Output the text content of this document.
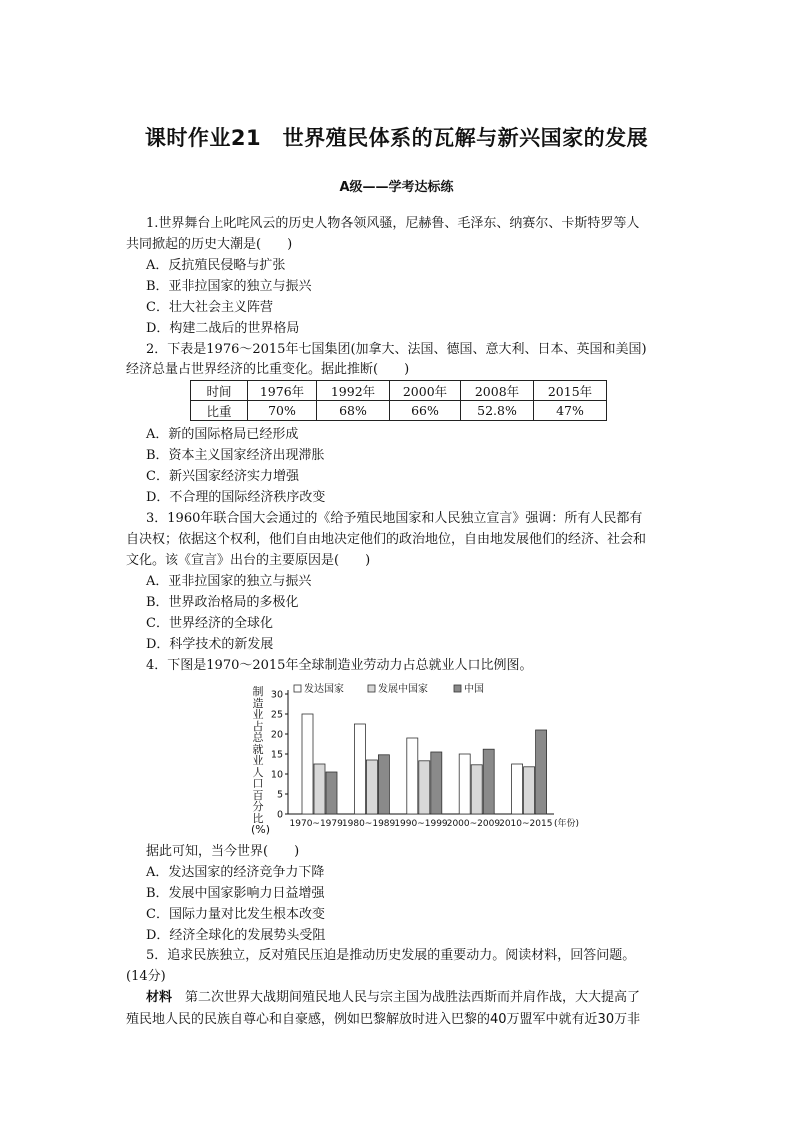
课时作业21　世界殖民体系的瓦解与新兴国家的发展
A级——学考达标练
1.世界舞台上叱咤风云的历史人物各领风骚，尼赫鲁、毛泽东、纳赛尔、卡斯特罗等人
共同掀起的历史大潮是(　　)
A．反抗殖民侵略与扩张
B．亚非拉国家的独立与振兴
C．壮大社会主义阵营
D．构建二战后的世界格局
2．下表是1976～2015年七国集团(加拿大、法国、德国、意大利、日本、英国和美国)
经济总量占世界经济的比重变化。据此推断(　　)
时间	1976年	1992年	2000年	2008年	2015年
比重	70%	68%	66%	52.8%	47%
A．新的国际格局已经形成
B．资本主义国家经济出现滞胀
C．新兴国家经济实力增强
D．不合理的国际经济秩序改变
3．1960年联合国大会通过的《给予殖民地国家和人民独立宣言》强调：所有人民都有
自决权；依据这个权利，他们自由地决定他们的政治地位，自由地发展他们的经济、社会和
文化。该《宣言》出台的主要原因是(　　)
A．亚非拉国家的独立与振兴
B．世界政治格局的多极化
C．世界经济的全球化
D．科学技术的新发展
4．下图是1970～2015年全球制造业劳动力占总就业人口比例图。
制造业占总就业人口百分比(%)
0
5
10
15
20
25
30
1970~1979 1980~1989 1990~1999 2000~2009 2010~2015 (年份)
发达国家	发展中国家	中国
据此可知，当今世界(　　)
A．发达国家的经济竞争力下降
B．发展中国家影响力日益增强
C．国际力量对比发生根本改变
D．经济全球化的发展势头受阻
5．追求民族独立，反对殖民压迫是推动历史发展的重要动力。阅读材料，回答问题。
(14分)
材料　第二次世界大战期间殖民地人民与宗主国为战胜法西斯而并肩作战，大大提高了
殖民地人民的民族自尊心和自豪感，例如巴黎解放时进入巴黎的40万盟军中就有近30万非
